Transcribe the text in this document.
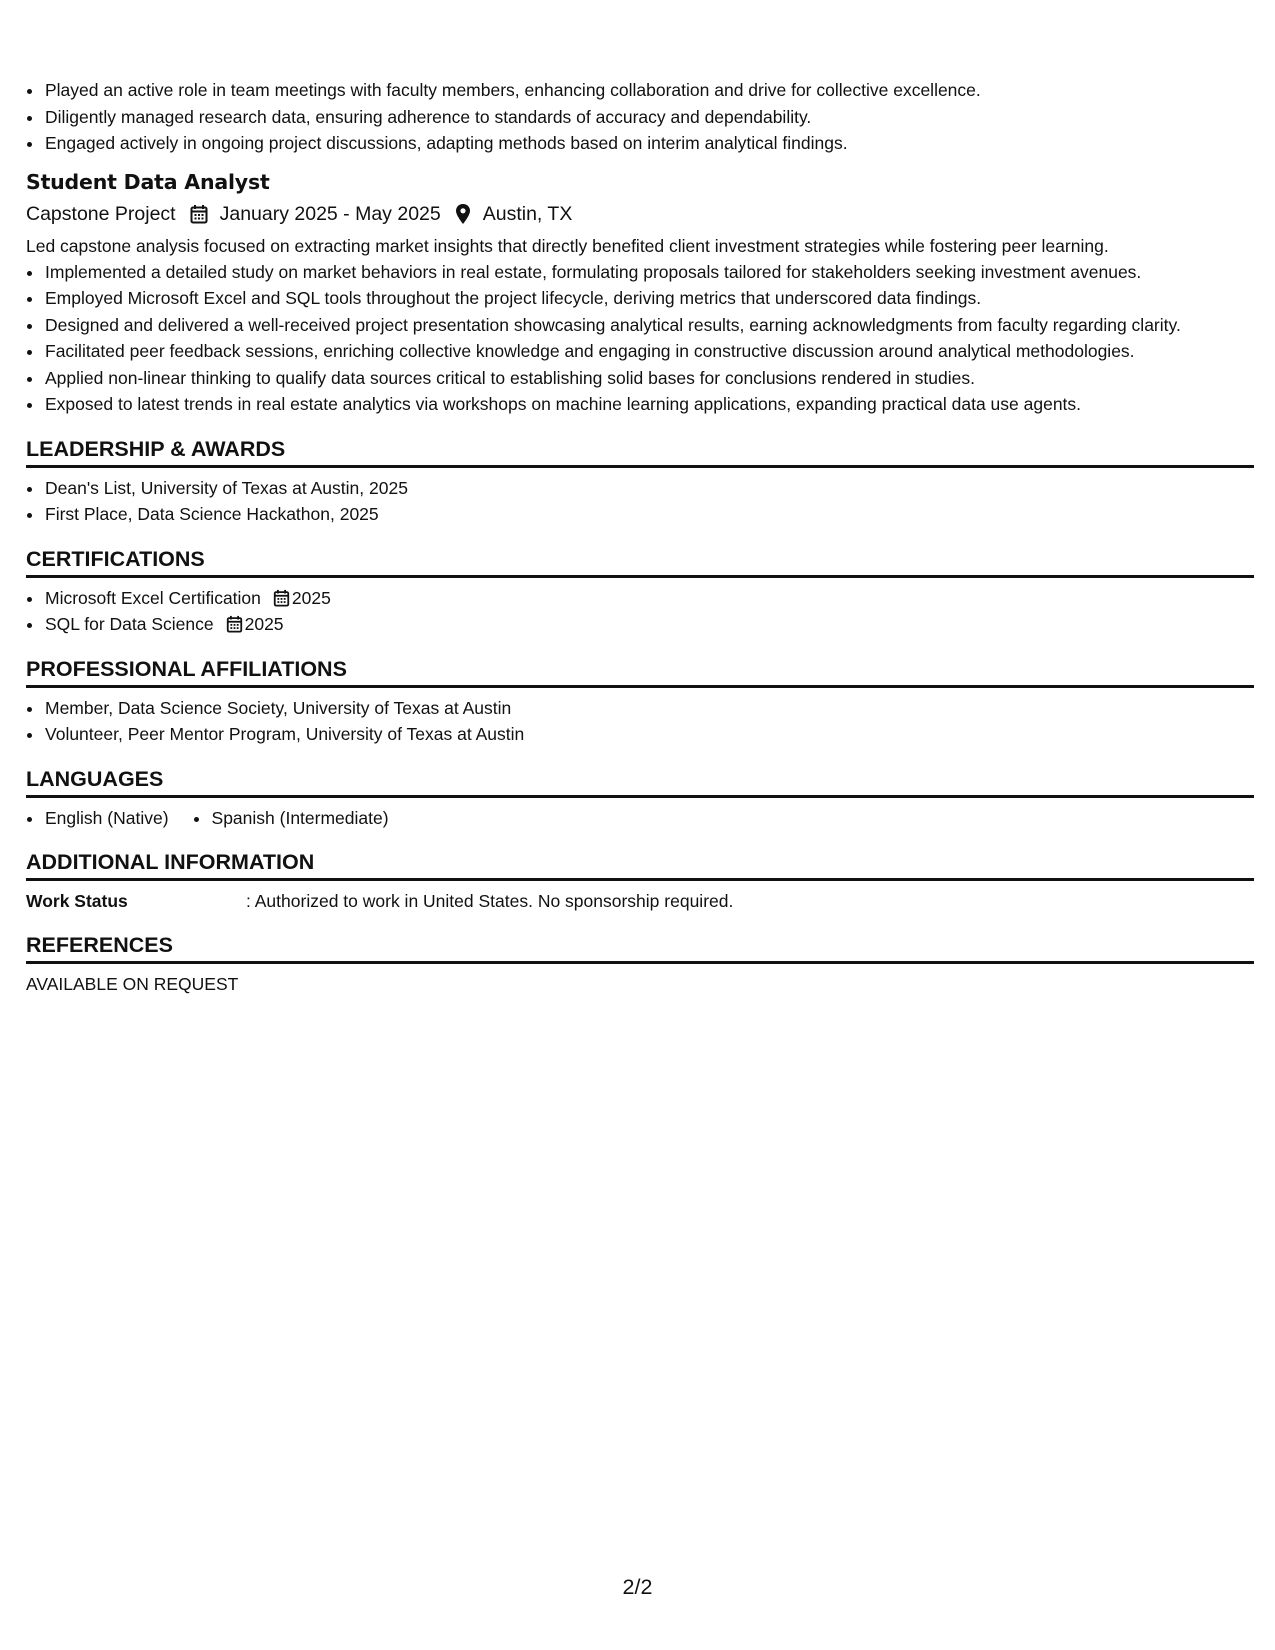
• Played an active role in team meetings with faculty members, enhancing collaboration and drive for collective excellence.
• Diligently managed research data, ensuring adherence to standards of accuracy and dependability.
• Engaged actively in ongoing project discussions, adapting methods based on interim analytical findings.
Student Data Analyst
Capstone Project January 2025 - May 2025 Austin, TX
Led capstone analysis focused on extracting market insights that directly benefited client investment strategies while fostering peer learning.
• Implemented a detailed study on market behaviors in real estate, formulating proposals tailored for stakeholders seeking investment avenues.
• Employed Microsoft Excel and SQL tools throughout the project lifecycle, deriving metrics that underscored data findings.
• Designed and delivered a well-received project presentation showcasing analytical results, earning acknowledgments from faculty regarding clarity.
• Facilitated peer feedback sessions, enriching collective knowledge and engaging in constructive discussion around analytical methodologies.
• Applied non-linear thinking to qualify data sources critical to establishing solid bases for conclusions rendered in studies.
• Exposed to latest trends in real estate analytics via workshops on machine learning applications, expanding practical data use agents.
LEADERSHIP & AWARDS
• Dean's List, University of Texas at Austin, 2025
• First Place, Data Science Hackathon, 2025
CERTIFICATIONS
• Microsoft Excel Certification 2025
• SQL for Data Science 2025
PROFESSIONAL AFFILIATIONS
• Member, Data Science Society, University of Texas at Austin
• Volunteer, Peer Mentor Program, University of Texas at Austin
LANGUAGES
• English (Native)
• Spanish (Intermediate)
ADDITIONAL INFORMATION
Work Status	: Authorized to work in United States. No sponsorship required.
REFERENCES
AVAILABLE ON REQUEST
2/2
